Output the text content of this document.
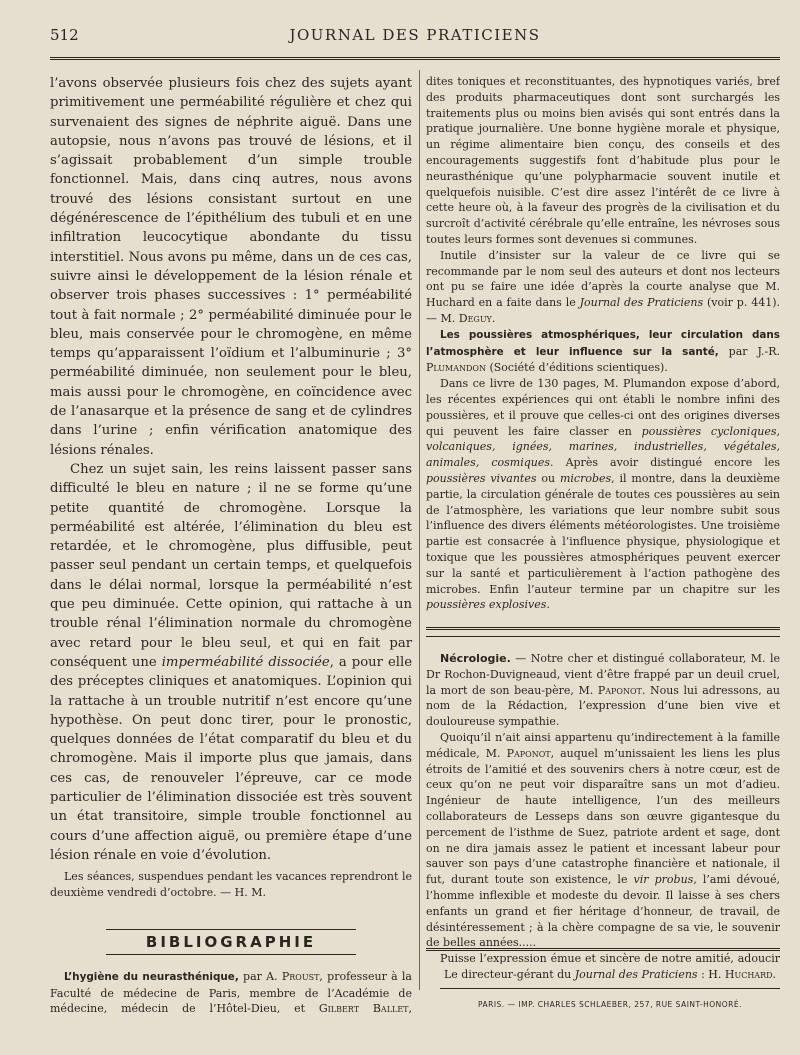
512	JOURNAL DES PRATICIENS

l’avons observée plusieurs fois chez des sujets ayant primitivement une perméabilité régulière et chez qui survenaient des signes de néphrite aiguë. Dans une autopsie, nous n’avons pas trouvé de lésions, et il s’agissait probablement d’un simple trouble fonctionnel. Mais, dans cinq autres, nous avons trouvé des lésions consistant surtout en une dégénérescence de l’épithélium des tubuli et en une infiltration leucocytique abondante du tissu interstitiel. Nous avons pu même, dans un de ces cas, suivre ainsi le développement de la lésion rénale et observer trois phases successives : 1° perméabilité tout à fait normale ; 2° perméabilité diminuée pour le bleu, mais conservée pour le chromogène, en même temps qu’apparaissent l’oïdium et l’albuminurie ; 3° perméabilité diminuée, non seulement pour le bleu, mais aussi pour le chromogène, en coïncidence avec de l’anasarque et la présence de sang et de cylindres dans l’urine ; enfin vérification anatomique des lésions rénales.

Chez un sujet sain, les reins laissent passer sans difficulté le bleu en nature ; il ne se forme qu’une petite quantité de chromogène. Lorsque la perméabilité est altérée, l’élimination du bleu est retardée, et le chromogène, plus diffusible, peut passer seul pendant un certain temps, et quelquefois dans le délai normal, lorsque la perméabilité n’est que peu diminuée. Cette opinion, qui rattache à un trouble rénal l’élimination normale du chromogène avec retard pour le bleu seul, et qui en fait par conséquent une imperméabilité dissociée, a pour elle des préceptes cliniques et anatomiques. L’opinion qui la rattache à un trouble nutritif n’est encore qu’une hypothèse. On peut donc tirer, pour le pronostic, quelques données de l’état comparatif du bleu et du chromogène. Mais il importe plus que jamais, dans ces cas, de renouveler l’épreuve, car ce mode particulier de l’élimination dissociée est très souvent un état transitoire, simple trouble fonctionnel au cours d’une affection aiguë, ou première étape d’une lésion rénale en voie d’évolution.

Les séances, suspendues pendant les vacances reprendront le deuxième vendredi d’octobre. — H. M.

BIBLIOGRAPHIE

L’hygiène du neurasthénique, par A. Proust, professeur à la Faculté de médecine de Paris, membre de l’Académie de médecine, médecin de l’Hôtel-Dieu, et Gilbert Ballet,

dites toniques et reconstituantes, des hypnotiques variés, bref des produits pharmaceutiques dont sont surchargés les traitements plus ou moins bien avisés qui sont entrés dans la pratique journalière. Une bonne hygiène morale et physique, un régime alimentaire bien conçu, des conseils et des encouragements suggestifs font d’habitude plus pour le neurasthénique qu’une polypharmacie souvent inutile et quelquefois nuisible. C’est dire assez l’intérêt de ce livre à cette heure où, à la faveur des progrès de la civilisation et du surcroît d’activité cérébrale qu’elle entraîne, les névroses sous toutes leurs formes sont devenues si communes.

Inutile d’insister sur la valeur de ce livre qui se recommande par le nom seul des auteurs et dont nos lecteurs ont pu se faire une idée d’après la courte analyse que M. Huchard en a faite dans le Journal des Praticiens (voir p. 441). — M. Deguy.

Les poussières atmosphériques, leur circulation dans l’atmosphère et leur influence sur la santé, par J.-R. Plumandon (Société d’éditions scientiques).

Dans ce livre de 130 pages, M. Plumandon expose d’abord, les récentes expériences qui ont établi le nombre infini des poussières, et il prouve que celles-ci ont des origines diverses qui peuvent les faire classer en poussières cycloniques, volcaniques, ignées, marines, industrielles, végétales, animales, cosmiques. Après avoir distingué encore les poussières vivantes ou microbes, il montre, dans la deuxième partie, la circulation générale de toutes ces poussières au sein de l’atmosphère, les variations que leur nombre subit sous l’influence des divers éléments météorologistes. Une troisième partie est consacrée à l’influence physique, physiologique et toxique que les poussières atmosphériques peuvent exercer sur la santé et particulièrement à l’action pathogène des microbes. Enfin l’auteur termine par un chapitre sur les poussières explosives.

Nécrologie. — Notre cher et distingué collaborateur, M. le Dr Rochon-Duvigneaud, vient d’être frappé par un deuil cruel, la mort de son beau-père, M. Paponot. Nous lui adressons, au nom de la Rédaction, l’expression d’une bien vive et douloureuse sympathie.

Quoiqu’il n’ait ainsi appartenu qu’indirectement à la famille médicale, M. Paponot, auquel m’unissaient les liens les plus étroits de l’amitié et des souvenirs chers à notre cœur, est de ceux qu’on ne peut voir disparaître sans un mot d’adieu. Ingénieur de haute intelligence, l’un des meilleurs collaborateurs de Lesseps dans son œuvre gigantesque du percement de l’isthme de Suez, patriote ardent et sage, dont on ne dira jamais assez le patient et incessant labeur pour sauver son pays d’une catastrophe financière et nationale, il fut, durant toute son existence, le vir probus, l’ami dévoué, l’homme inflexible et modeste du devoir. Il laisse à ses chers enfants un grand et fier héritage d’honneur, de travail, de désintéressement ; à la chère compagne de sa vie, le souvenir de belles années.....

Puisse l’expression émue et sincère de notre amitié, adoucir

Le directeur-gérant du Journal des Praticiens : H. Huchard.
PARIS. — IMP. CHARLES SCHLAEBER, 257, RUE SAINT-HONORÉ.
